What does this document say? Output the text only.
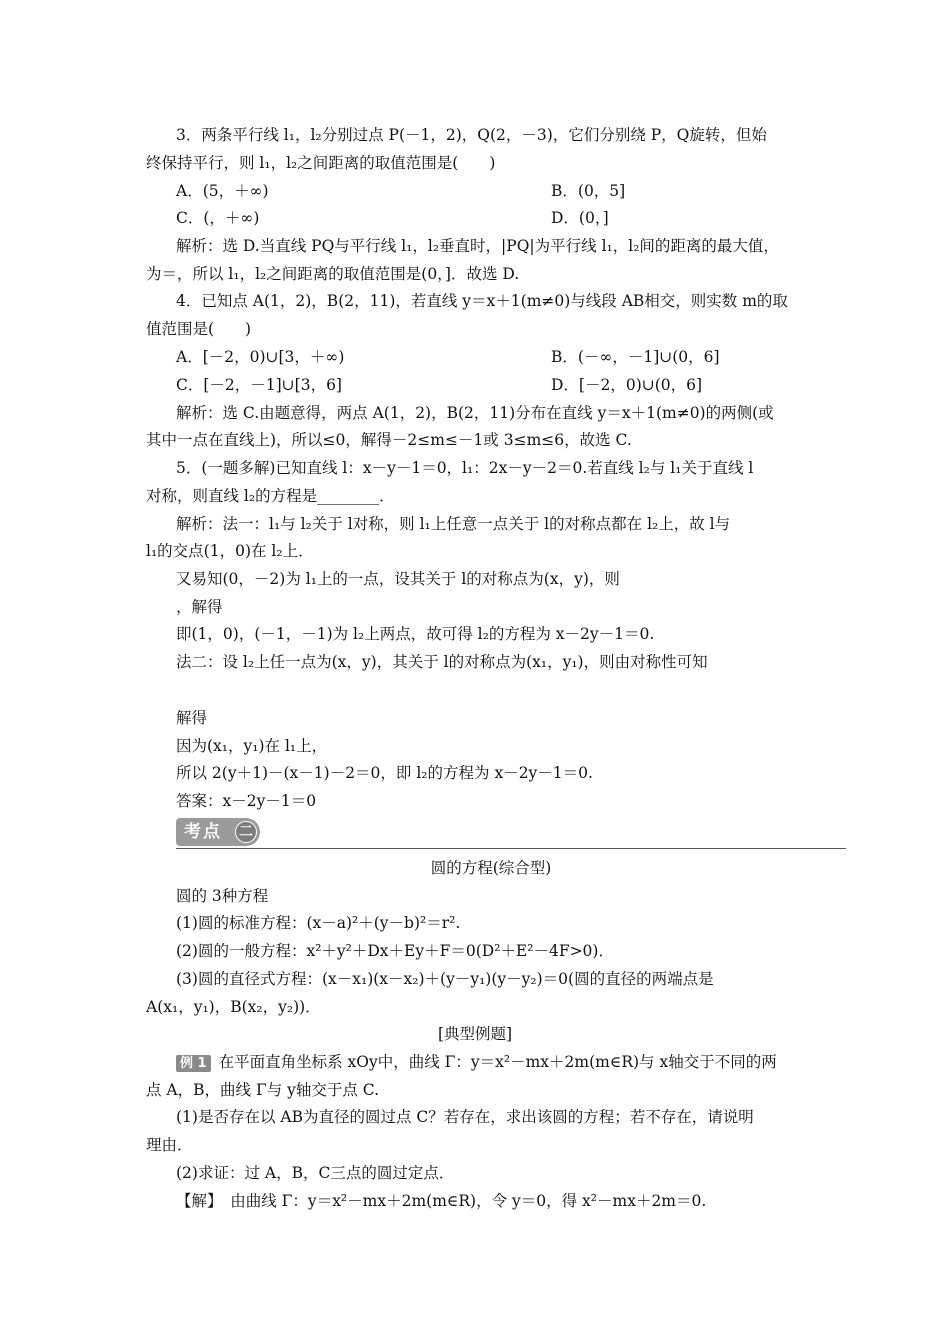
3．两条平行线 l₁，l₂分别过点 P(－1，2)，Q(2，－3)，它们分别绕 P，Q旋转，但始
终保持平行，则 l₁，l₂之间距离的取值范围是(　　)
A．(5，＋∞)	B．(0，5]
C．(，＋∞)	D．(0，]
解析：选 D.当直线 PQ与平行线 l₁，l₂垂直时，|PQ|为平行线 l₁，l₂间的距离的最大值，
为＝，所以 l₁，l₂之间距离的取值范围是(0，]．故选 D.
4．已知点 A(1，2)，B(2，11)，若直线 y＝x＋1(m≠0)与线段 AB相交，则实数 m的取
值范围是(　　)
A．[－2，0)∪[3，＋∞)	B．(－∞，－1]∪(0，6]
C．[－2，－1]∪[3，6]	D．[－2，0)∪(0，6]
解析：选 C.由题意得，两点 A(1，2)，B(2，11)分布在直线 y＝x＋1(m≠0)的两侧(或
其中一点在直线上)，所以≤0，解得－2≤m≤－1或 3≤m≤6，故选 C.
5．(一题多解)已知直线 l：x－y－1＝0，l₁：2x－y－2＝0.若直线 l₂与 l₁关于直线 l
对称，则直线 l₂的方程是________．
解析：法一：l₁与 l₂关于 l对称，则 l₁上任意一点关于 l的对称点都在 l₂上，故 l与
l₁的交点(1，0)在 l₂上．
又易知(0，－2)为 l₁上的一点，设其关于 l的对称点为(x，y)，则
，解得
即(1，0)，(－1，－1)为 l₂上两点，故可得 l₂的方程为 x－2y－1＝0.
法二：设 l₂上任一点为(x，y)，其关于 l的对称点为(x₁，y₁)，则由对称性可知
解得
因为(x₁，y₁)在 l₁上，
所以 2(y＋1)－(x－1)－2＝0，即 l₂的方程为 x－2y－1＝0.
答案：x－2y－1＝0
考点 二
圆的方程(综合型)
圆的 3种方程
(1)圆的标准方程：(x－a)²＋(y－b)²＝r².
(2)圆的一般方程：x²＋y²＋Dx＋Ey＋F＝0(D²＋E²－4F>0)．
(3)圆的直径式方程：(x－x₁)(x－x₂)＋(y－y₁)(y－y₂)＝0(圆的直径的两端点是
A(x₁，y₁)，B(x₂，y₂))．
[典型例题]
例 1 在平面直角坐标系 xOy中，曲线 Γ：y＝x²－mx＋2m(m∈R)与 x轴交于不同的两
点 A，B，曲线 Γ与 y轴交于点 C.
(1)是否存在以 AB为直径的圆过点 C？若存在，求出该圆的方程；若不存在，请说明
理由．
(2)求证：过 A，B，C三点的圆过定点．
【解】　由曲线 Γ：y＝x²－mx＋2m(m∈R)，令 y＝0，得 x²－mx＋2m＝0.
